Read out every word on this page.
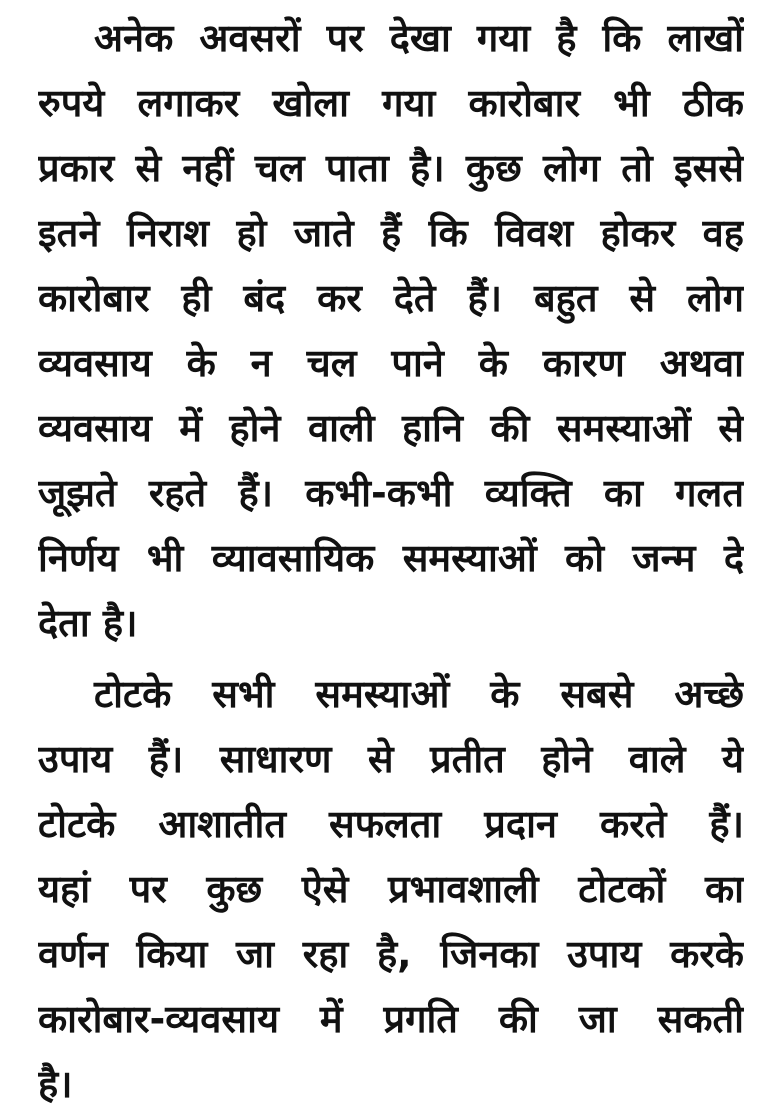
अनेक अवसरों पर देखा गया है कि लाखों
रुपये लगाकर खोला गया कारोबार भी ठीक
प्रकार से नहीं चल पाता है। कुछ लोग तो इससे
इतने निराश हो जाते हैं कि विवश होकर वह
कारोबार ही बंद कर देते हैं। बहुत से लोग
व्यवसाय के न चल पाने के कारण अथवा
व्यवसाय में होने वाली हानि की समस्याओं से
जूझते रहते हैं। कभी-कभी व्यक्ति का गलत
निर्णय भी व्यावसायिक समस्याओं को जन्म दे
देता है।
टोटके सभी समस्याओं के सबसे अच्छे
उपाय हैं। साधारण से प्रतीत होने वाले ये
टोटके आशातीत सफलता प्रदान करते हैं।
यहां पर कुछ ऐसे प्रभावशाली टोटकों का
वर्णन किया जा रहा है, जिनका उपाय करके
कारोबार-व्यवसाय में प्रगति की जा सकती
है।
